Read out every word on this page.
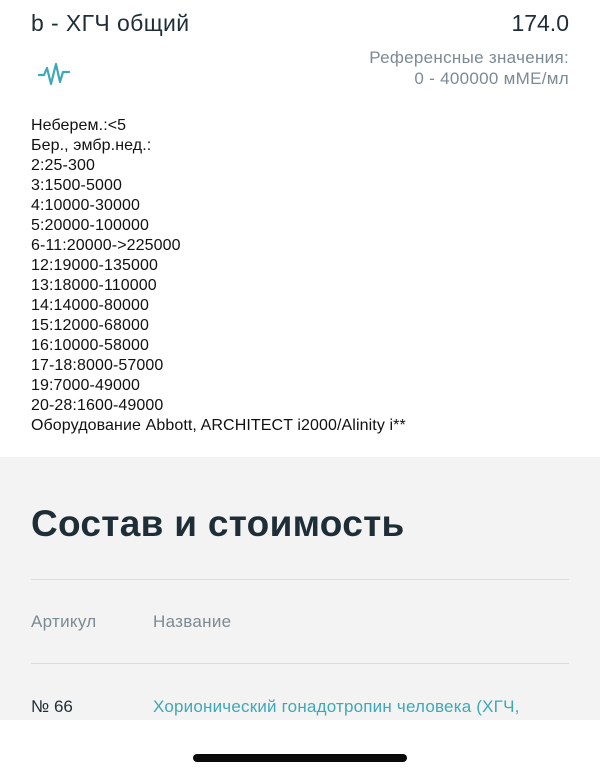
b - ХГЧ общий	174.0
Референсные значения:
0 - 400000 мМЕ/мл
Неберем.:<5
Бер., эмбр.нед.:
2:25-300
3:1500-5000
4:10000-30000
5:20000-100000
6-11:20000->225000
12:19000-135000
13:18000-110000
14:14000-80000
15:12000-68000
16:10000-58000
17-18:8000-57000
19:7000-49000
20-28:1600-49000
Оборудование Abbott, ARCHITECT i2000/Alinity i**
Состав и стоимость
Артикул	Название
№ 66	Хорионический гонадотропин человека (ХГЧ,
